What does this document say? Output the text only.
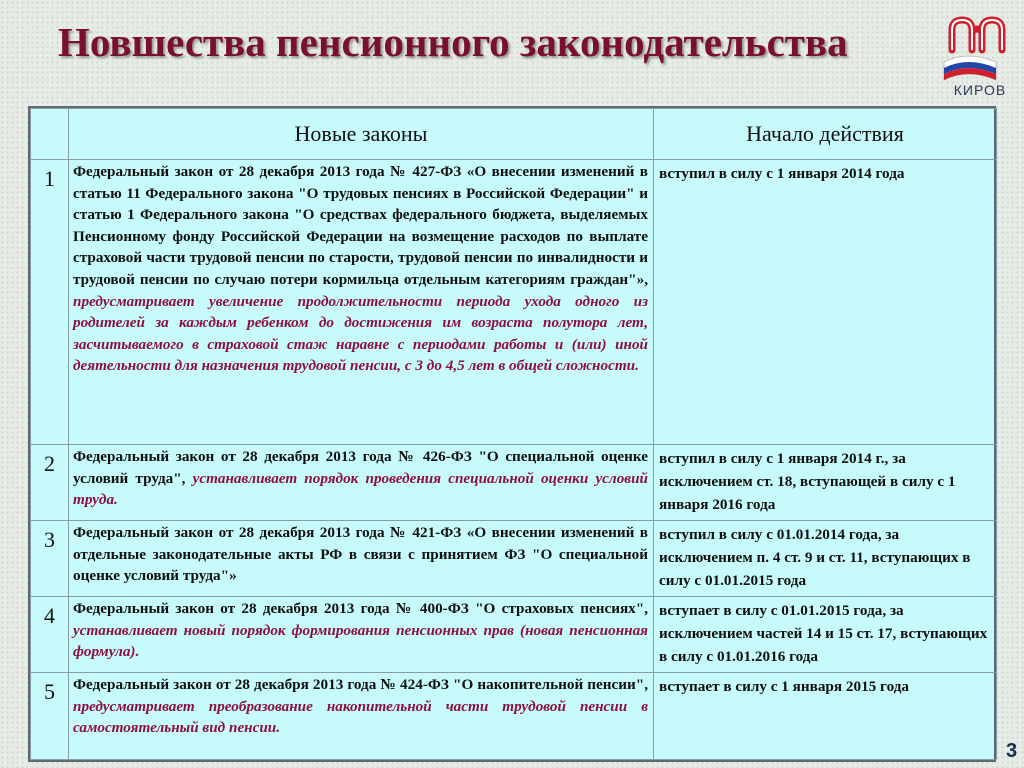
Новшества пенсионного законодательства
КИРОВ
	Новые законы	Начало действия
1	Федеральный закон от 28 декабря 2013 года № 427-ФЗ «О внесении изменений в статью 11 Федерального закона "О трудовых пенсиях в Российской Федерации" и статью 1 Федерального закона "О средствах федерального бюджета, выделяемых Пенсионному фонду Российской Федерации на возмещение расходов по выплате страховой части трудовой пенсии по старости, трудовой пенсии по инвалидности и трудовой пенсии по случаю потери кормильца отдельным категориям граждан"», предусматривает увеличение продолжительности периода ухода одного из родителей за каждым ребенком до достижения им возраста полутора лет, засчитываемого в страховой стаж наравне с периодами работы и (или) иной деятельности для назначения трудовой пенсии, с 3 до 4,5 лет в общей сложности.	вступил в силу с 1 января 2014 года
2	Федеральный закон от 28 декабря 2013 года № 426-ФЗ "О специальной оценке условий труда", устанавливает порядок проведения специальной оценки условий труда.	вступил в силу с 1 января 2014 г., за исключением ст. 18, вступающей в силу с 1 января 2016 года
3	Федеральный закон от 28 декабря 2013 года № 421-ФЗ «О внесении изменений в отдельные законодательные акты РФ в связи с принятием ФЗ "О специальной оценке условий труда"»	вступил в силу с 01.01.2014 года, за исключением п. 4 ст. 9 и ст. 11, вступающих в силу с 01.01.2015 года
4	Федеральный закон от 28 декабря 2013 года № 400-ФЗ "О страховых пенсиях", устанавливает новый порядок формирования пенсионных прав (новая пенсионная формула).	вступает в силу с 01.01.2015 года, за исключением частей 14 и 15 ст. 17, вступающих в силу с 01.01.2016 года
5	Федеральный закон от 28 декабря 2013 года № 424-ФЗ "О накопительной пенсии", предусматривает преобразование накопительной части трудовой пенсии в самостоятельный вид пенсии.	вступает в силу с 1 января 2015 года
3
